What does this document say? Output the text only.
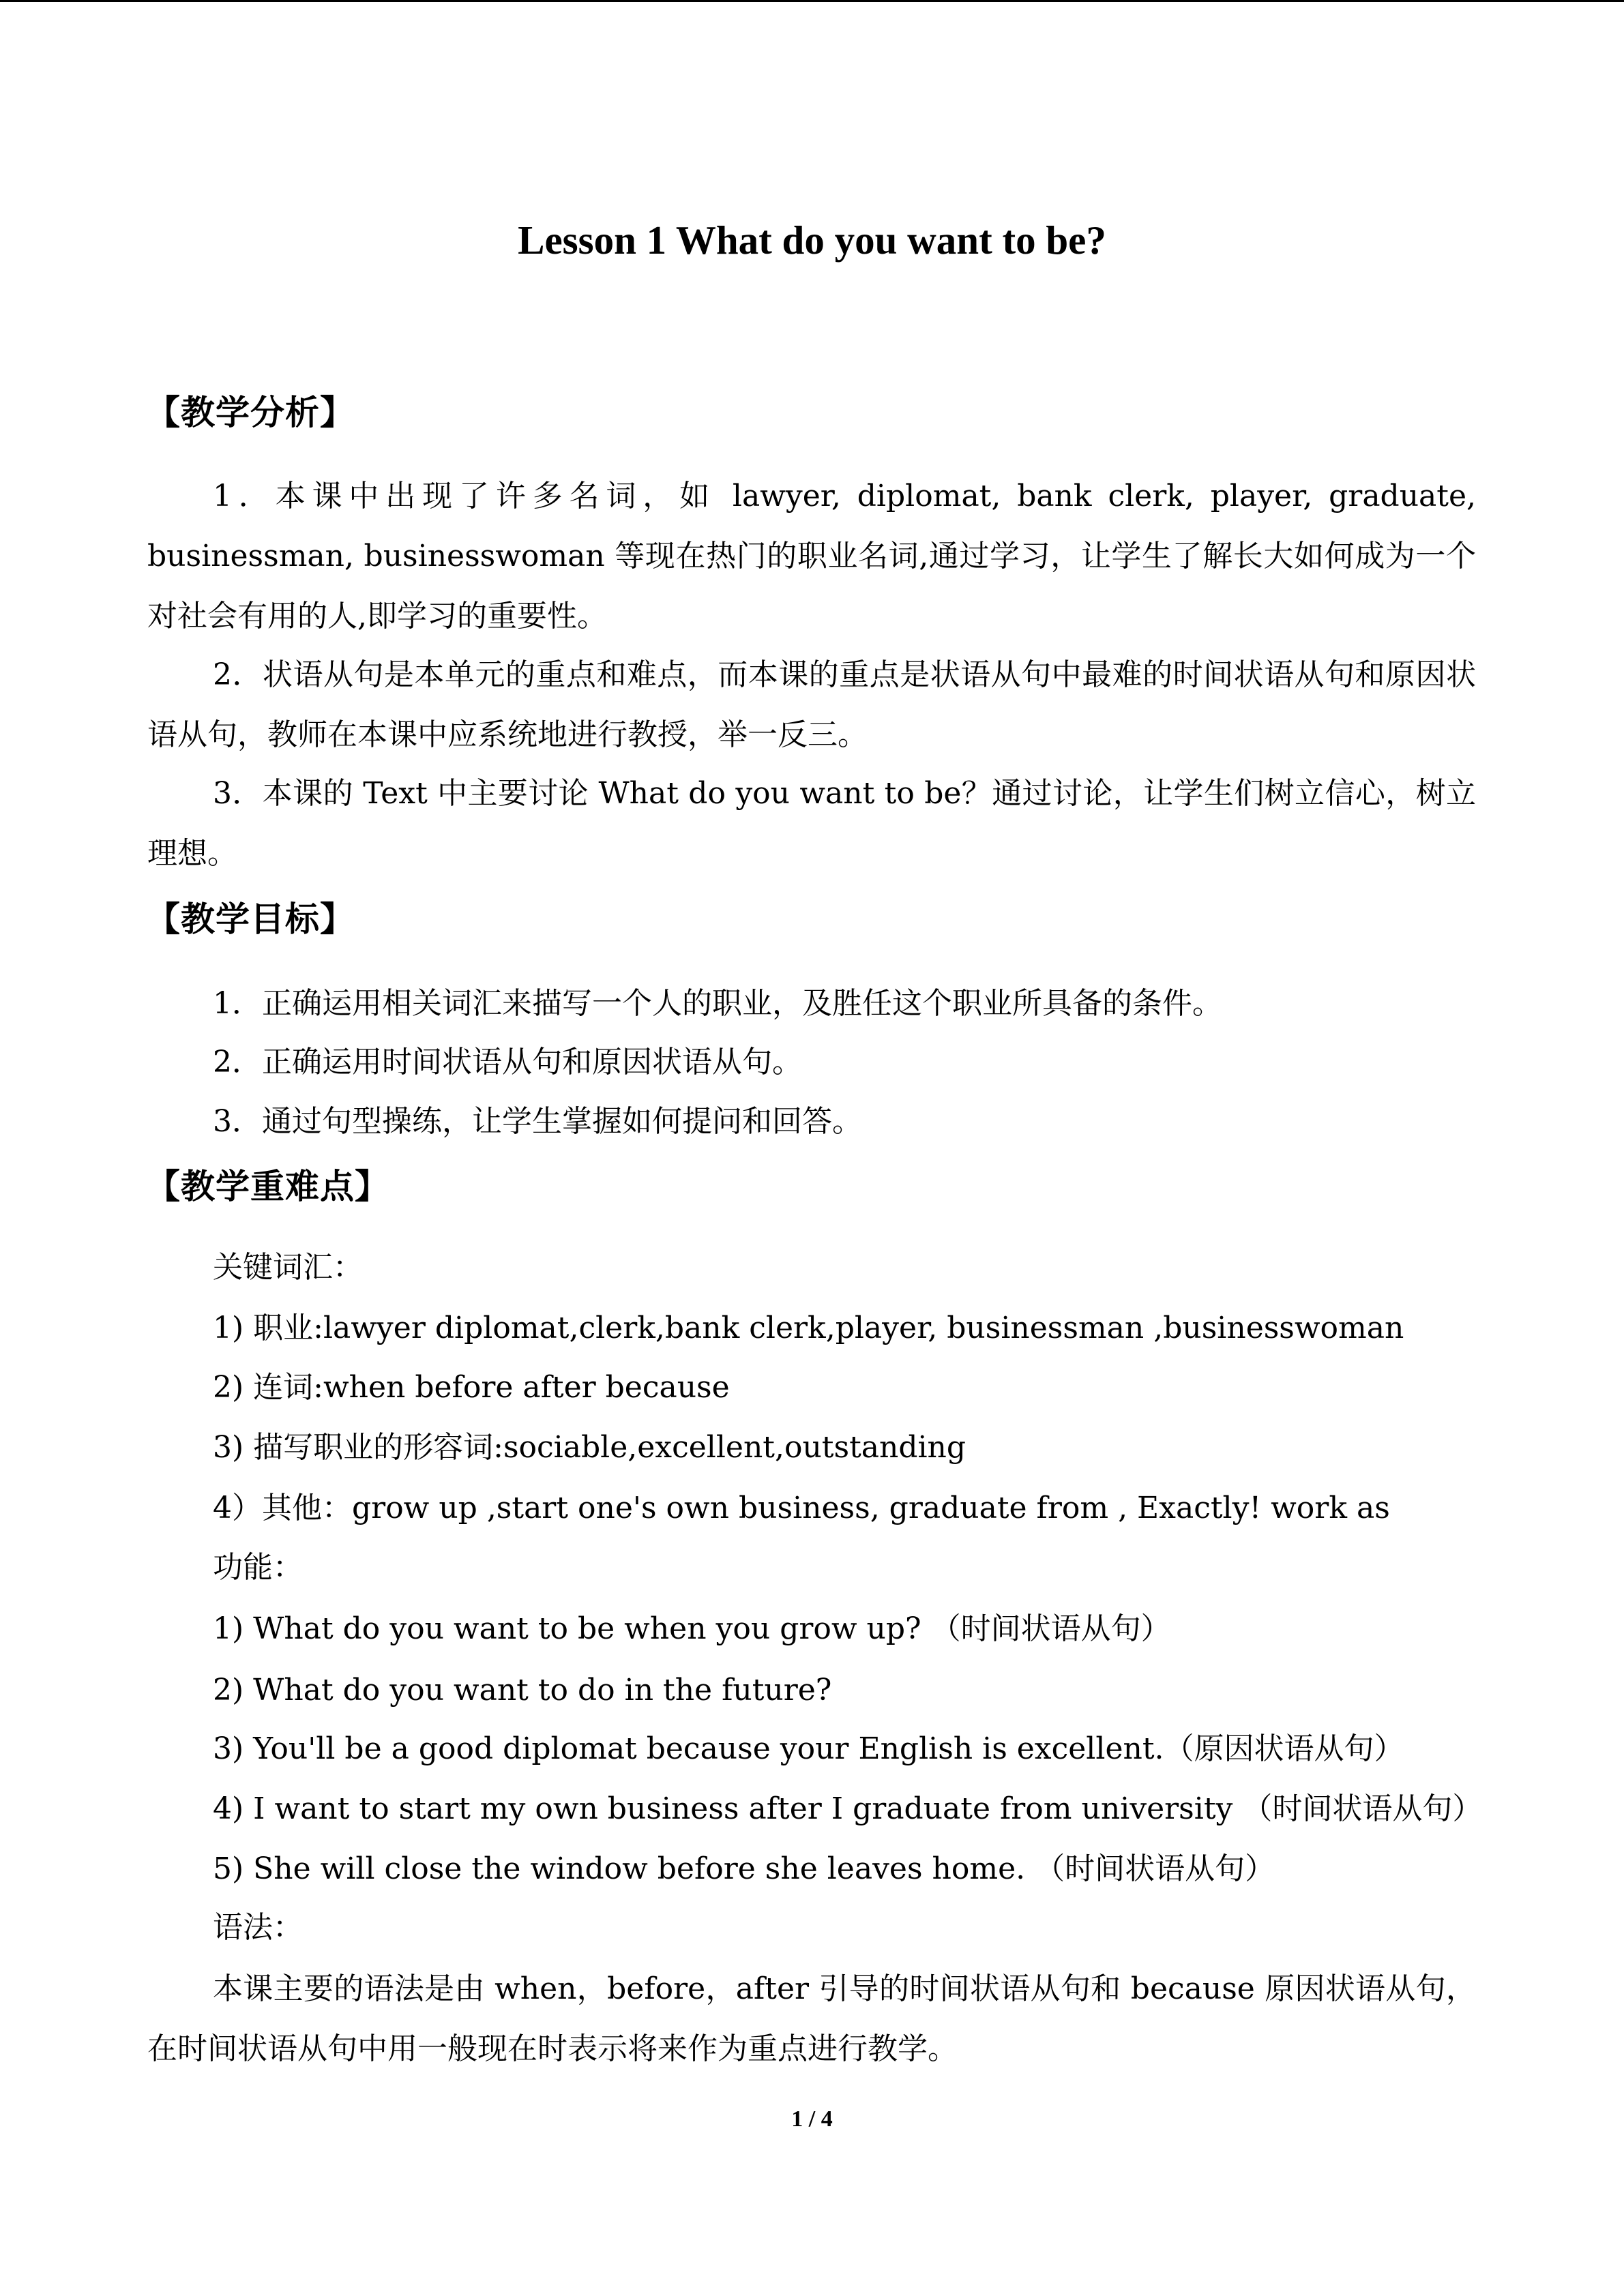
Lesson 1 What do you want to be?
【教学分析】
1．本课中出现了许多名词，如 lawyer, diplomat, bank clerk, player, graduate, businessman, businesswoman 等现在热门的职业名词,通过学习，让学生了解长大如何成为一个对社会有用的人,即学习的重要性。
2．状语从句是本单元的重点和难点，而本课的重点是状语从句中最难的时间状语从句和原因状语从句，教师在本课中应系统地进行教授，举一反三。
3．本课的 Text 中主要讨论 What do you want to be？通过讨论，让学生们树立信心，树立理想。
【教学目标】
1．正确运用相关词汇来描写一个人的职业，及胜任这个职业所具备的条件。
2．正确运用时间状语从句和原因状语从句。
3．通过句型操练，让学生掌握如何提问和回答。
【教学重难点】
关键词汇：
1) 职业:lawyer diplomat,clerk,bank clerk,player, businessman ,businesswoman
2) 连词:when before after because
3) 描写职业的形容词:sociable,excellent,outstanding
4）其他：grow up ,start one's own business, graduate from , Exactly! work as
功能：
1) What do you want to be when you grow up? （时间状语从句）
2) What do you want to do in the future?
3) You'll be a good diplomat because your English is excellent.（原因状语从句）
4) I want to start my own business after I graduate from university （时间状语从句）
5) She will close the window before she leaves home. （时间状语从句）
语法：
本课主要的语法是由 when，before，after 引导的时间状语从句和 because 原因状语从句，在时间状语从句中用一般现在时表示将来作为重点进行教学。
1 / 4
